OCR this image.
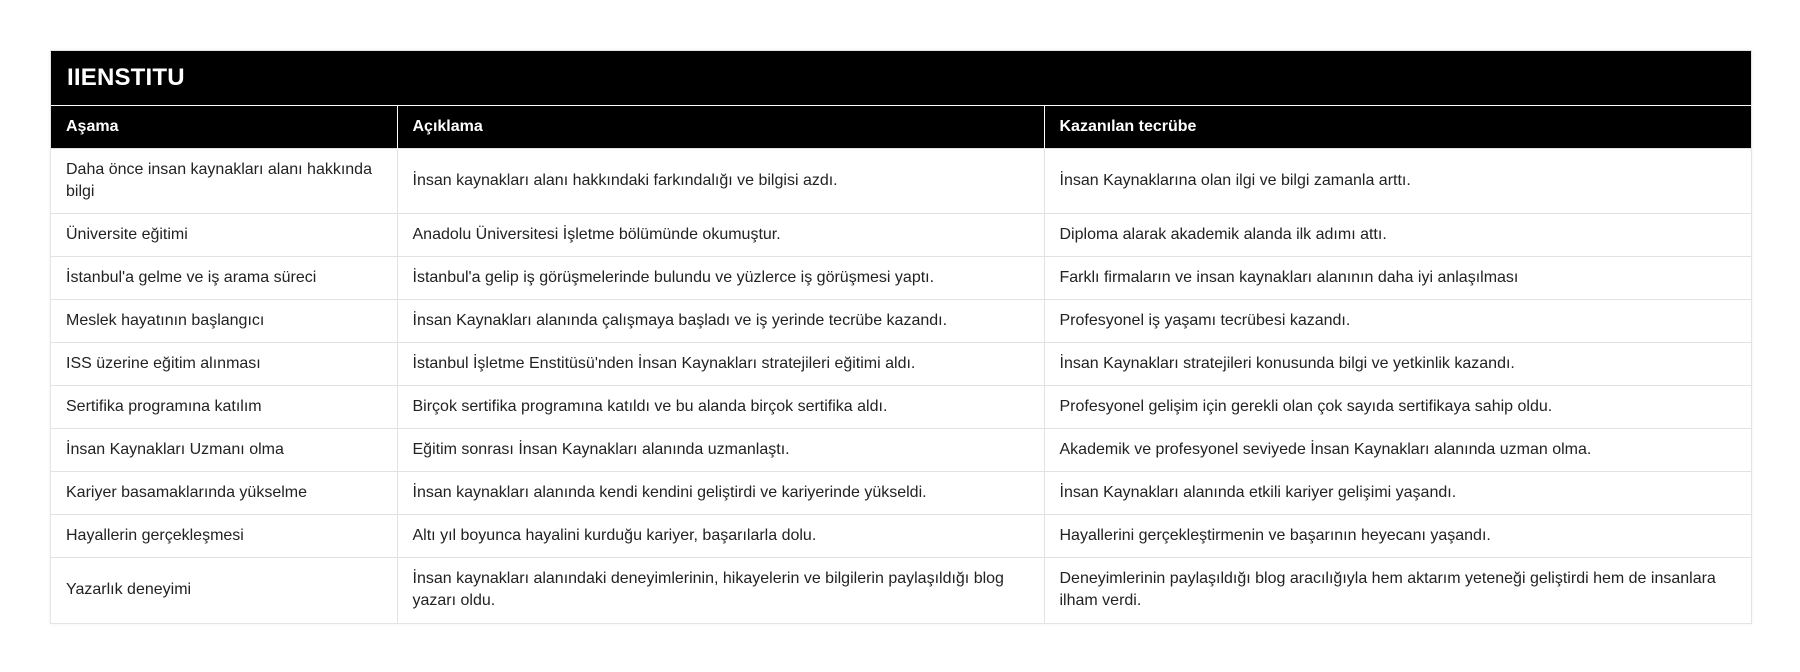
IIENSTITU
Aşama	Açıklama	Kazanılan tecrübe
Daha önce insan kaynakları alanı hakkında bilgi	İnsan kaynakları alanı hakkındaki farkındalığı ve bilgisi azdı.	İnsan Kaynaklarına olan ilgi ve bilgi zamanla arttı.
Üniversite eğitimi	Anadolu Üniversitesi İşletme bölümünde okumuştur.	Diploma alarak akademik alanda ilk adımı attı.
İstanbul'a gelme ve iş arama süreci	İstanbul'a gelip iş görüşmelerinde bulundu ve yüzlerce iş görüşmesi yaptı.	Farklı firmaların ve insan kaynakları alanının daha iyi anlaşılması
Meslek hayatının başlangıcı	İnsan Kaynakları alanında çalışmaya başladı ve iş yerinde tecrübe kazandı.	Profesyonel iş yaşamı tecrübesi kazandı.
ISS üzerine eğitim alınması	İstanbul İşletme Enstitüsü'nden İnsan Kaynakları stratejileri eğitimi aldı.	İnsan Kaynakları stratejileri konusunda bilgi ve yetkinlik kazandı.
Sertifika programına katılım	Birçok sertifika programına katıldı ve bu alanda birçok sertifika aldı.	Profesyonel gelişim için gerekli olan çok sayıda sertifikaya sahip oldu.
İnsan Kaynakları Uzmanı olma	Eğitim sonrası İnsan Kaynakları alanında uzmanlaştı.	Akademik ve profesyonel seviyede İnsan Kaynakları alanında uzman olma.
Kariyer basamaklarında yükselme	İnsan kaynakları alanında kendi kendini geliştirdi ve kariyerinde yükseldi.	İnsan Kaynakları alanında etkili kariyer gelişimi yaşandı.
Hayallerin gerçekleşmesi	Altı yıl boyunca hayalini kurduğu kariyer, başarılarla dolu.	Hayallerini gerçekleştirmenin ve başarının heyecanı yaşandı.
Yazarlık deneyimi	İnsan kaynakları alanındaki deneyimlerinin, hikayelerin ve bilgilerin paylaşıldığı blog yazarı oldu.	Deneyimlerinin paylaşıldığı blog aracılığıyla hem aktarım yeteneği geliştirdi hem de insanlara ilham verdi.
